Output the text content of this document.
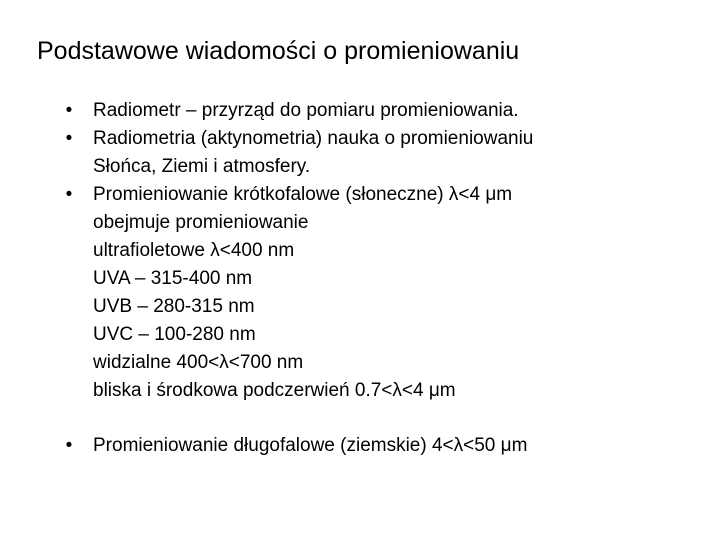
Podstawowe wiadomości o promieniowaniu
• Radiometr – przyrząd do pomiaru promieniowania.
• Radiometria (aktynometria) nauka o promieniowaniu
Słońca, Ziemi i atmosfery.
• Promieniowanie krótkofalowe (słoneczne) λ<4 μm
obejmuje promieniowanie
ultrafioletowe λ<400 nm
UVA – 315-400 nm
UVB – 280-315 nm
UVC – 100-280 nm
widzialne 400<λ<700 nm
bliska i środkowa podczerwień 0.7<λ<4 μm
• Promieniowanie długofalowe (ziemskie) 4<λ<50 μm
